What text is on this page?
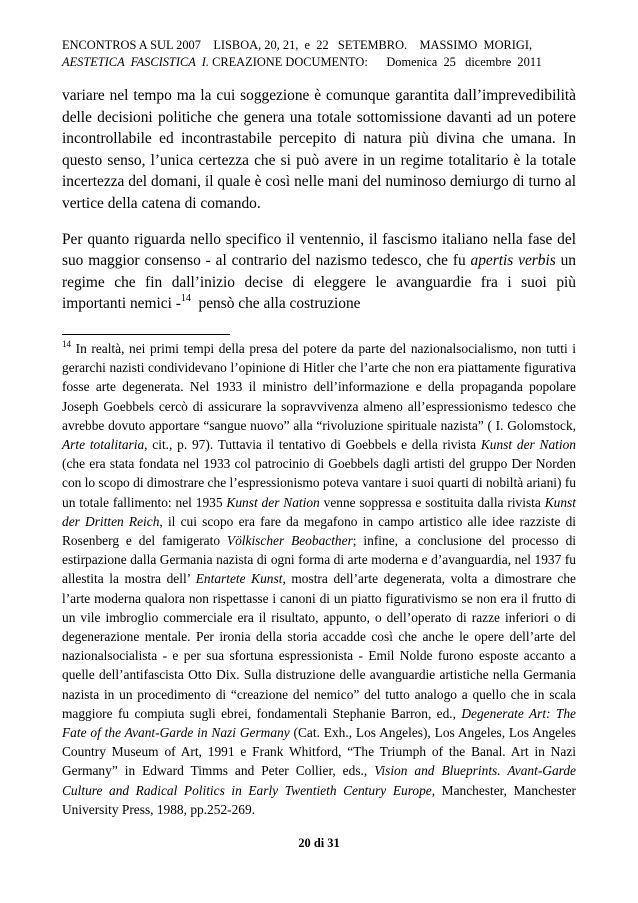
ENCONTROS A SUL 2007    LISBOA, 20, 21,  e  22   SETEMBRO.    MASSIMO  MORIGI,
AESTETICA  FASCISTICA  I. CREAZIONE DOCUMENTO:      Domenica  25   dicembre  2011

variare nel tempo ma la cui soggezione è comunque garantita dall’imprevedibilità delle decisioni politiche che genera una totale sottomissione davanti ad un potere incontrollabile ed incontrastabile percepito di natura più divina che umana. In questo senso, l’unica certezza che si può avere in un regime totalitario è la totale incertezza del domani, il quale è così nelle mani del numinoso demiurgo di turno al vertice della catena di comando.

Per quanto riguarda nello specifico il ventennio, il fascismo italiano nella fase del suo maggior consenso - al contrario del nazismo tedesco, che fu apertis verbis un regime che fin dall’inizio decise di eleggere le avanguardie fra i suoi più importanti nemici -$^{14}$  pensò che alla costruzione

$^{14}$ In realtà, nei primi tempi della presa del potere da parte del nazionalsocialismo, non tutti i gerarchi nazisti condividevano l’opinione di Hitler che l’arte che non era piattamente figurativa fosse arte degenerata. Nel 1933 il ministro dell’informazione e della propaganda popolare Joseph Goebbels cercò di assicurare la sopravvivenza almeno all’espressionismo tedesco che avrebbe dovuto apportare “sangue nuovo” alla “rivoluzione spirituale nazista” ( I. Golomstock, Arte totalitaria, cit., p. 97). Tuttavia il tentativo di Goebbels e della rivista Kunst der Nation (che era stata fondata nel 1933 col patrocinio di Goebbels dagli artisti del gruppo Der Norden con lo scopo di dimostrare che l’espressionismo poteva vantare i suoi quarti di nobiltà ariani) fu un totale fallimento: nel 1935 Kunst der Nation venne soppressa e sostituita dalla rivista Kunst der Dritten Reich, il cui scopo era fare da megafono in campo artistico alle idee razziste di Rosenberg e del famigerato Völkischer Beobacther; infine, a conclusione del processo di estirpazione dalla Germania nazista di ogni forma di arte moderna e d’avanguardia, nel 1937 fu allestita la mostra dell’ Entartete Kunst, mostra dell’arte degenerata, volta a dimostrare che l’arte moderna qualora non rispettasse i canoni di un piatto figurativismo se non era il frutto di un vile imbroglio commerciale era il risultato, appunto, o dell’operato di razze inferiori o di degenerazione mentale. Per ironia della storia accadde così che anche le opere dell’arte del nazionalsocialista - e per sua sfortuna espressionista - Emil Nolde furono esposte accanto a quelle dell’antifascista Otto Dix. Sulla distruzione delle avanguardie artistiche nella Germania nazista in un procedimento di “creazione del nemico” del tutto analogo a quello che in scala maggiore fu compiuta sugli ebrei, fondamentali Stephanie Barron, ed., Degenerate Art: The Fate of the Avant-Garde in Nazi Germany (Cat. Exh., Los Angeles), Los Angeles, Los Angeles Country Museum of Art, 1991 e Frank Whitford, “The Triumph of the Banal. Art in Nazi Germany” in Edward Timms and Peter Collier, eds., Vision and Blueprints. Avant-Garde Culture and Radical Politics in Early Twentieth Century Europe, Manchester, Manchester University Press, 1988, pp.252-269.
20 di 31
